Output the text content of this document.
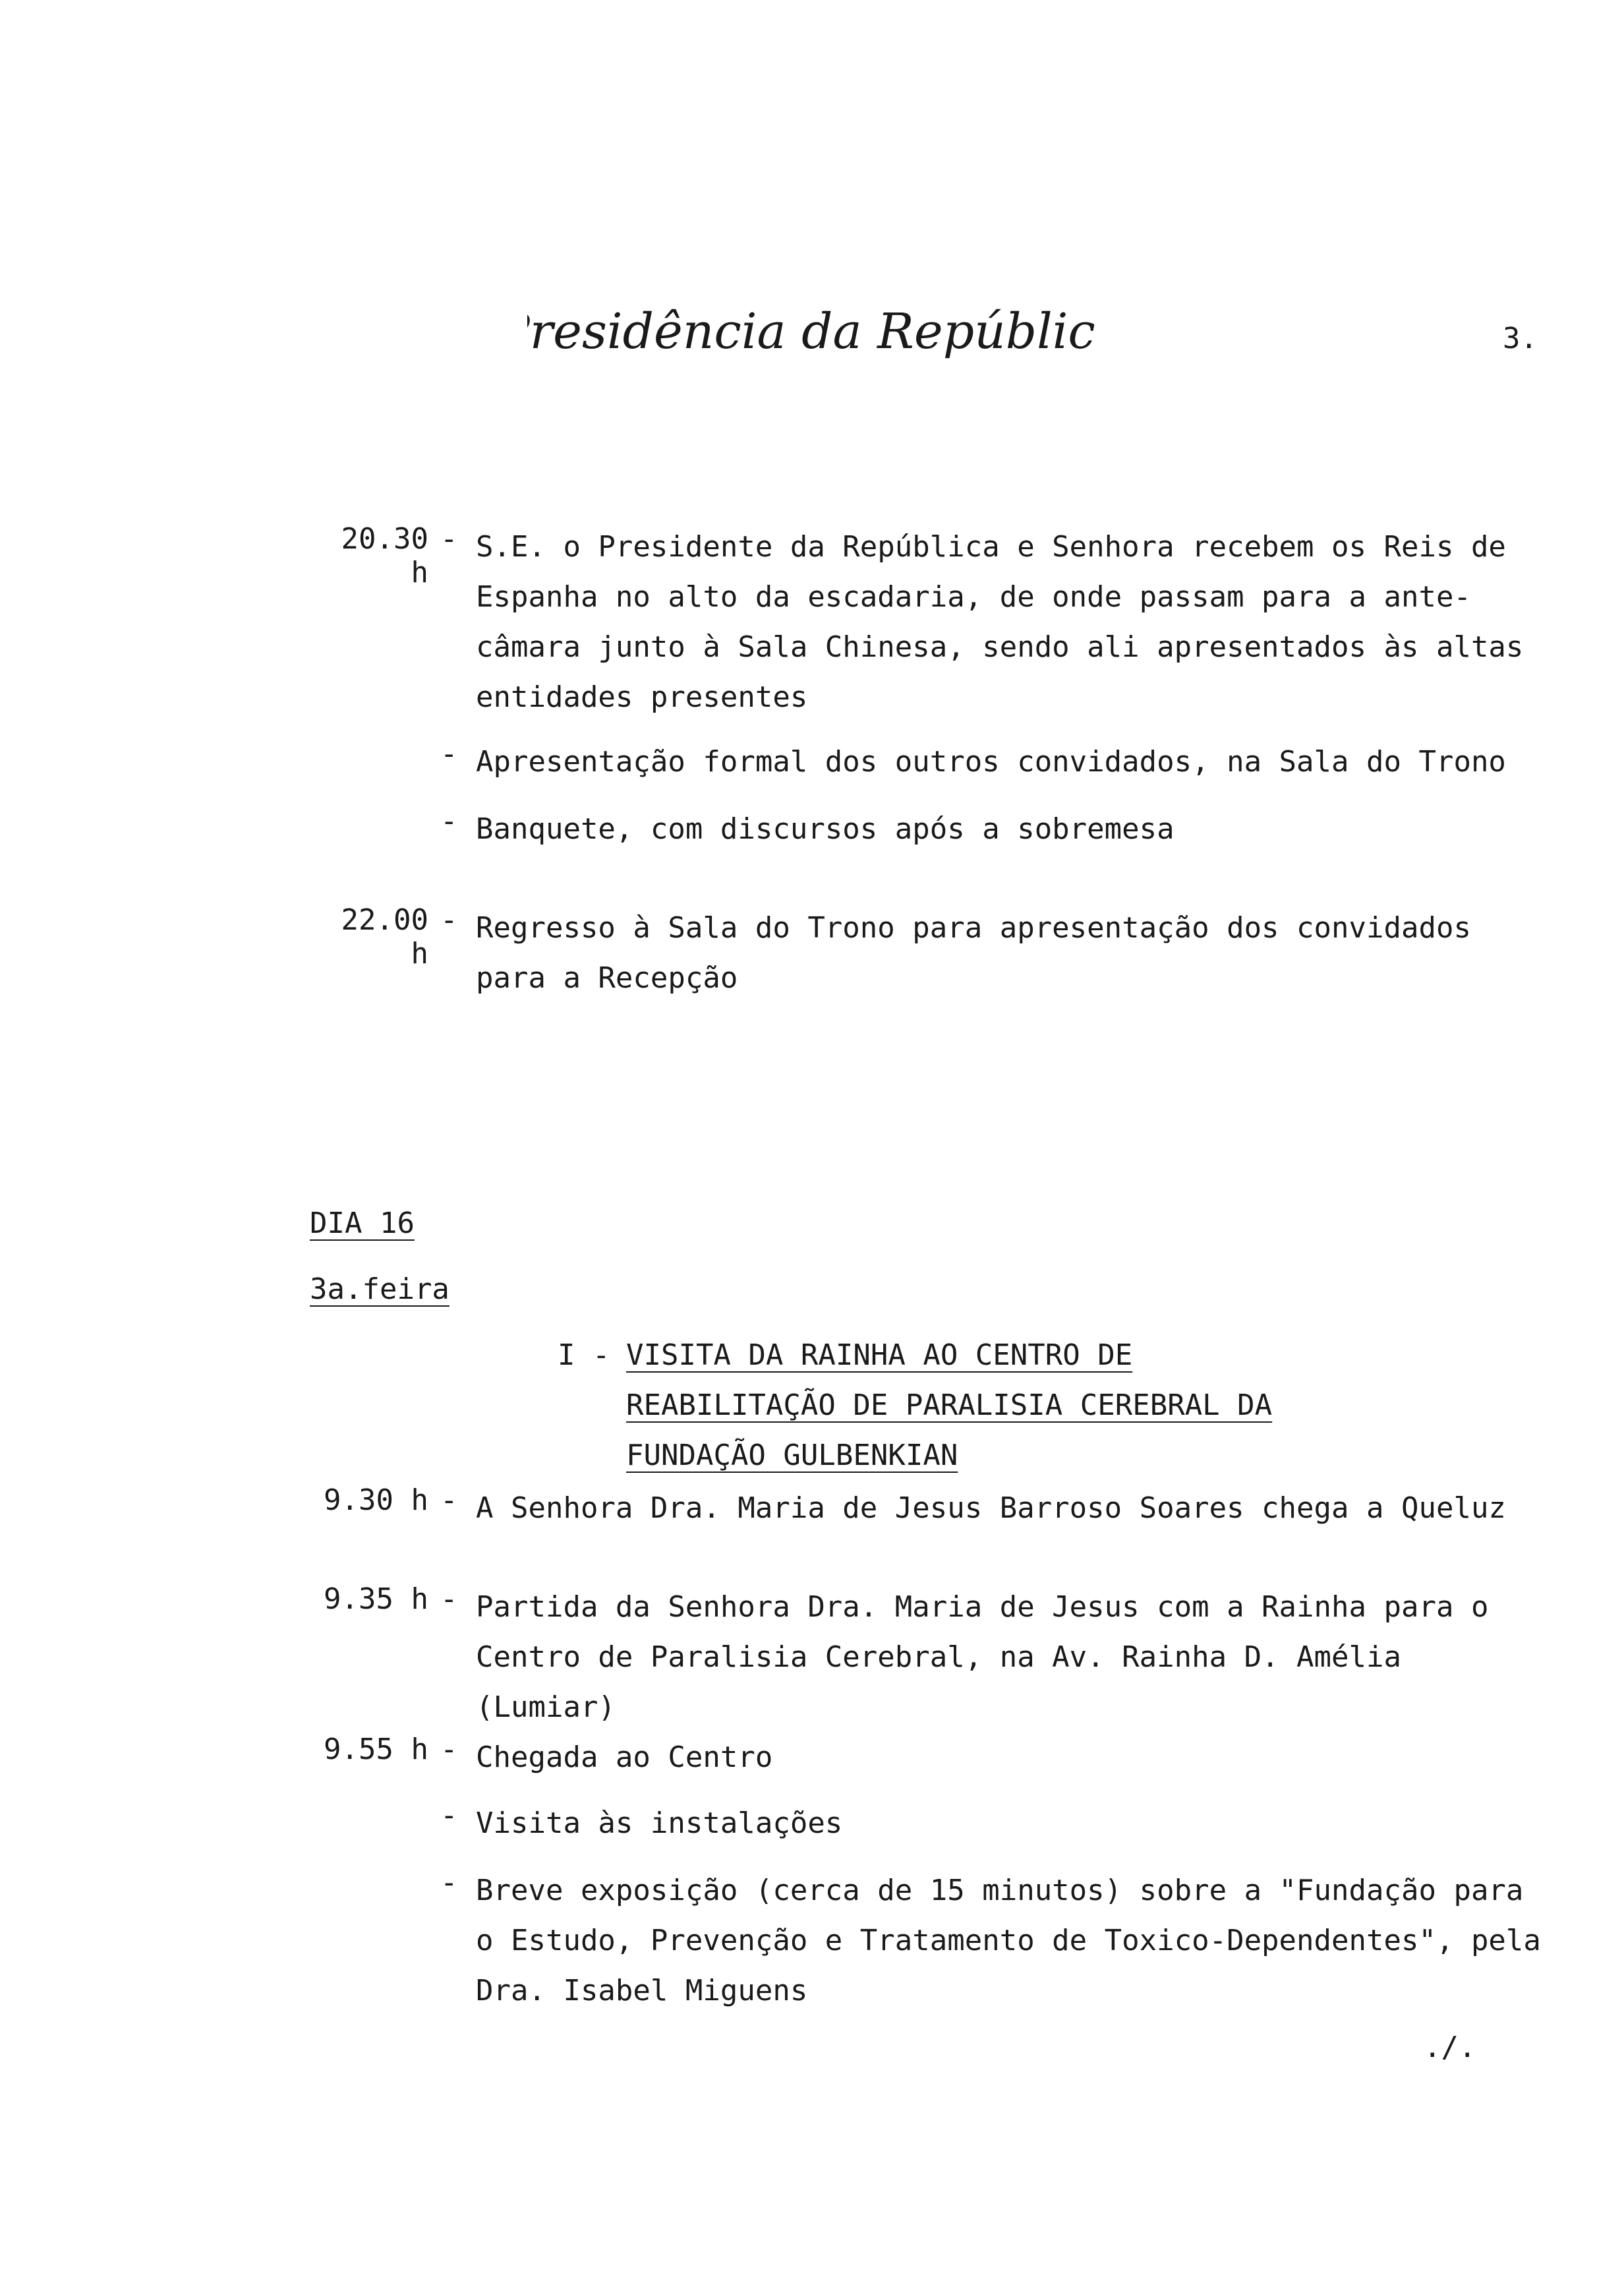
Presidência da República	3.
20.30 h
- S.E. o Presidente da República e Senhora recebem os Reis de Espanha no alto da escadaria, de onde passam para a ante-câmara junto à Sala Chinesa, sendo ali apresentados às altas entidades presentes

- Apresentação formal dos outros convidados, na Sala do Trono

- Banquete, com discursos após a sobremesa

22.00 h
- Regresso à Sala do Trono para apresentação dos convidados para a Recepção

DIA 16
3a.feira
I - VISITA DA RAINHA AO CENTRO DE REABILITAÇÃO DE PARALISIA CEREBRAL DA FUNDAÇÃO GULBENKIAN
9.30 h - A Senhora Dra. Maria de Jesus Barroso Soares chega a Queluz

9.35 h - Partida da Senhora Dra. Maria de Jesus com a Rainha para o Centro de Paralisia Cerebral, na Av. Rainha D. Amélia (Lumiar)

9.55 h - Chegada ao Centro

- Visita às instalações

- Breve exposição (cerca de 15 minutos) sobre a "Fundação para o Estudo, Prevenção e Tratamento de Toxico-Dependentes", pela Dra. Isabel Miguens

./.
